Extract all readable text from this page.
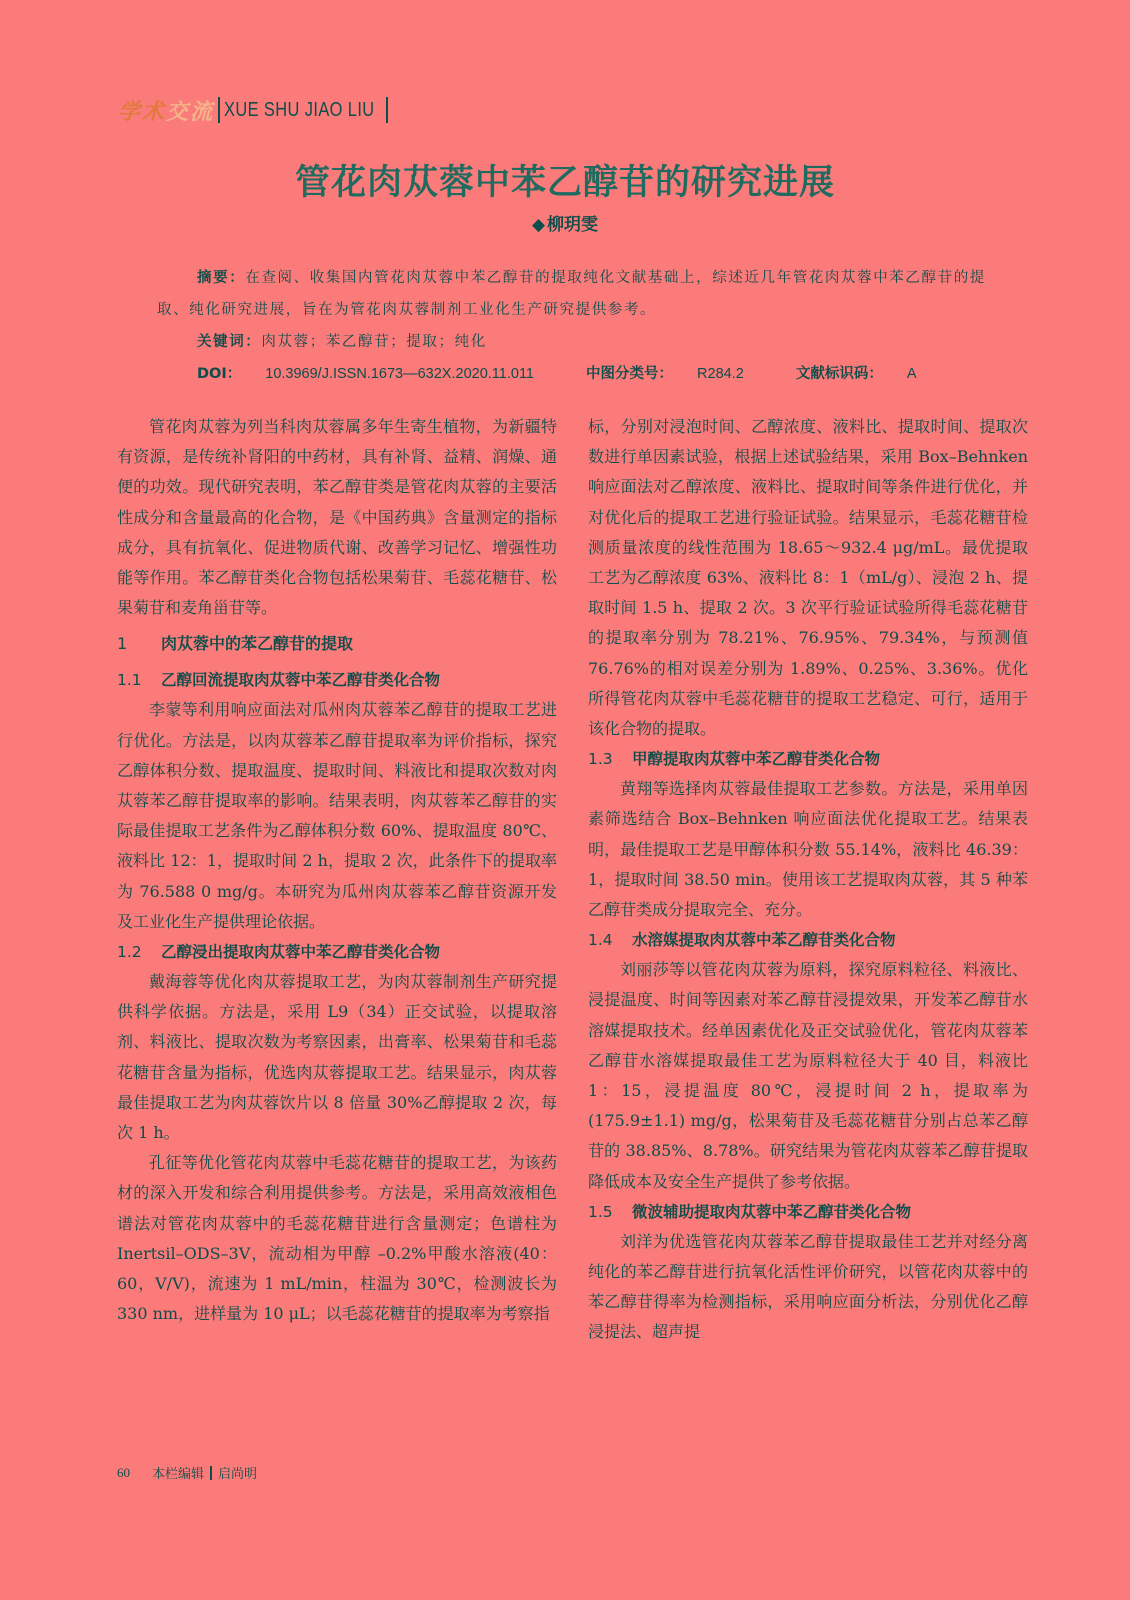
学术 交流 XUE SHU JIAO LIU
管花肉苁蓉中苯乙醇苷的研究进展
◆ 柳玥雯
摘要：在查阅、收集国内管花肉苁蓉中苯乙醇苷的提取纯化文献基础上，综述近几年管花肉苁蓉中苯乙醇苷的提取、纯化研究进展，旨在为管花肉苁蓉制剂工业化生产研究提供参考。
关键词：肉苁蓉；苯乙醇苷；提取；纯化
DOI： 10.3969/J.ISSN.1673—632X.2020.11.011	中图分类号： R284.2	文献标识码： A

管花肉苁蓉为列当科肉苁蓉属多年生寄生植物，为新疆特有资源，是传统补肾阳的中药材，具有补肾、益精、润燥、通便的功效。现代研究表明，苯乙醇苷类是管花肉苁蓉的主要活性成分和含量最高的化合物，是《中国药典》含量测定的指标成分，具有抗氧化、促进物质代谢、改善学习记忆、增强性功能等作用。苯乙醇苷类化合物包括松果菊苷、毛蕊花糖苷、松果菊苷和麦角甾苷等。

1 肉苁蓉中的苯乙醇苷的提取
1.1 乙醇回流提取肉苁蓉中苯乙醇苷类化合物

李蒙等利用响应面法对瓜州肉苁蓉苯乙醇苷的提取工艺进行优化。方法是，以肉苁蓉苯乙醇苷提取率为评价指标，探究乙醇体积分数、提取温度、提取时间、料液比和提取次数对肉苁蓉苯乙醇苷提取率的影响。结果表明，肉苁蓉苯乙醇苷的实际最佳提取工艺条件为乙醇体积分数 60%、提取温度 80℃、液料比 12：1，提取时间 2 h，提取 2 次，此条件下的提取率为 76.588 0 mg/g。本研究为瓜州肉苁蓉苯乙醇苷资源开发及工业化生产提供理论依据。

1.2 乙醇浸出提取肉苁蓉中苯乙醇苷类化合物

戴海蓉等优化肉苁蓉提取工艺，为肉苁蓉制剂生产研究提供科学依据。方法是，采用 L9（34）正交试验，以提取溶剂、料液比、提取次数为考察因素，出膏率、松果菊苷和毛蕊花糖苷含量为指标，优选肉苁蓉提取工艺。结果显示，肉苁蓉最佳提取工艺为肉苁蓉饮片以 8 倍量 30%乙醇提取 2 次，每次 1 h。

孔征等优化管花肉苁蓉中毛蕊花糖苷的提取工艺，为该药材的深入开发和综合利用提供参考。方法是，采用高效液相色谱法对管花肉苁蓉中的毛蕊花糖苷进行含量测定；色谱柱为 Inertsil–ODS–3V，流动相为甲醇 –0.2%甲酸水溶液(40：60，V/V)，流速为 1 mL/min，柱温为 30℃，检测波长为 330 nm，进样量为 10 μL；以毛蕊花糖苷的提取率为考察指

标，分别对浸泡时间、乙醇浓度、液料比、提取时间、提取次数进行单因素试验，根据上述试验结果，采用 Box–Behnken 响应面法对乙醇浓度、液料比、提取时间等条件进行优化，并对优化后的提取工艺进行验证试验。结果显示，毛蕊花糖苷检测质量浓度的线性范围为 18.65～932.4 μg/mL。最优提取工艺为乙醇浓度 63%、液料比 8：1（mL/g）、浸泡 2 h、提取时间 1.5 h、提取 2 次。3 次平行验证试验所得毛蕊花糖苷的提取率分别为 78.21%、76.95%、79.34%，与预测值 76.76%的相对误差分别为 1.89%、0.25%、3.36%。优化所得管花肉苁蓉中毛蕊花糖苷的提取工艺稳定、可行，适用于该化合物的提取。

1.3 甲醇提取肉苁蓉中苯乙醇苷类化合物

黄翔等选择肉苁蓉最佳提取工艺参数。方法是，采用单因素筛选结合 Box–Behnken 响应面法优化提取工艺。结果表明，最佳提取工艺是甲醇体积分数 55.14%，液料比 46.39：1，提取时间 38.50 min。使用该工艺提取肉苁蓉，其 5 种苯乙醇苷类成分提取完全、充分。

1.4 水溶媒提取肉苁蓉中苯乙醇苷类化合物

刘丽莎等以管花肉苁蓉为原料，探究原料粒径、料液比、浸提温度、时间等因素对苯乙醇苷浸提效果，开发苯乙醇苷水溶媒提取技术。经单因素优化及正交试验优化，管花肉苁蓉苯乙醇苷水溶媒提取最佳工艺为原料粒径大于 40 目，料液比 1：15，浸提温度 80℃，浸提时间 2 h，提取率为(175.9±1.1) mg/g，松果菊苷及毛蕊花糖苷分别占总苯乙醇苷的 38.85%、8.78%。研究结果为管花肉苁蓉苯乙醇苷提取降低成本及安全生产提供了参考依据。

1.5 微波辅助提取肉苁蓉中苯乙醇苷类化合物

刘洋为优选管花肉苁蓉苯乙醇苷提取最佳工艺并对经分离纯化的苯乙醇苷进行抗氧化活性评价研究，以管花肉苁蓉中的苯乙醇苷得率为检测指标，采用响应面分析法，分别优化乙醇浸提法、超声提

60 本栏编辑 启尚明
